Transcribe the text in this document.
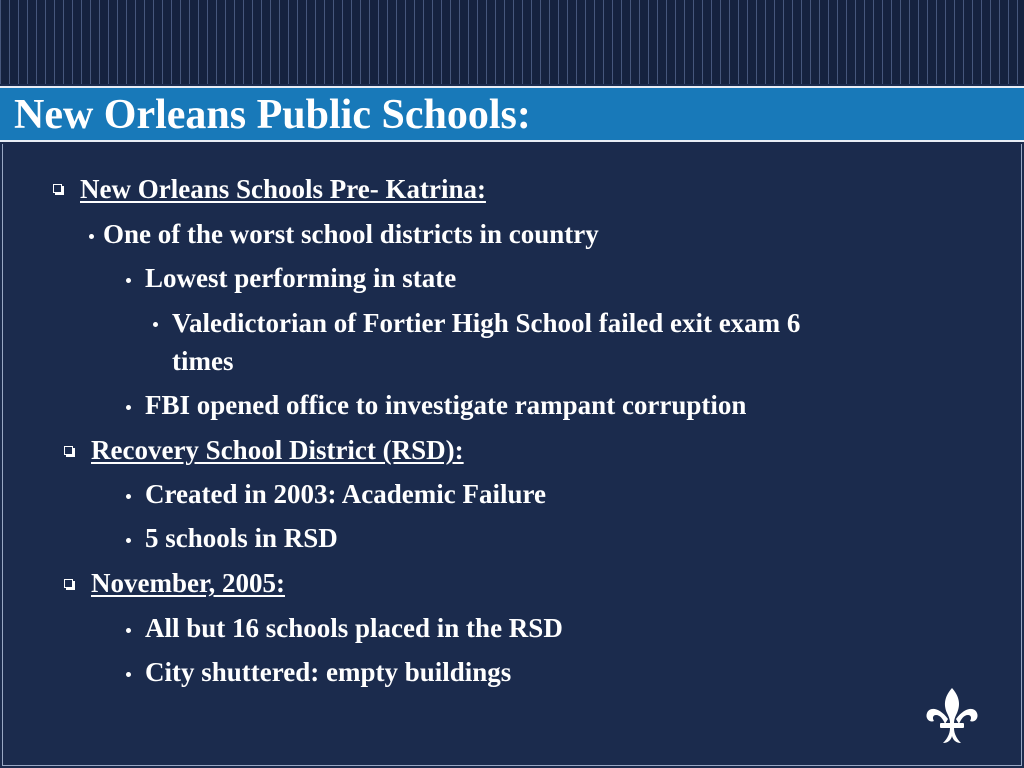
New Orleans Public Schools:
New Orleans Schools Pre- Katrina:
One of the worst school districts in country
Lowest performing in state
Valedictorian of Fortier High School failed exit exam 6
times
FBI opened office to investigate rampant corruption
Recovery School District (RSD):
Created in 2003: Academic Failure
5 schools in RSD
November, 2005:
All but 16 schools placed in the RSD
City shuttered: empty buildings
